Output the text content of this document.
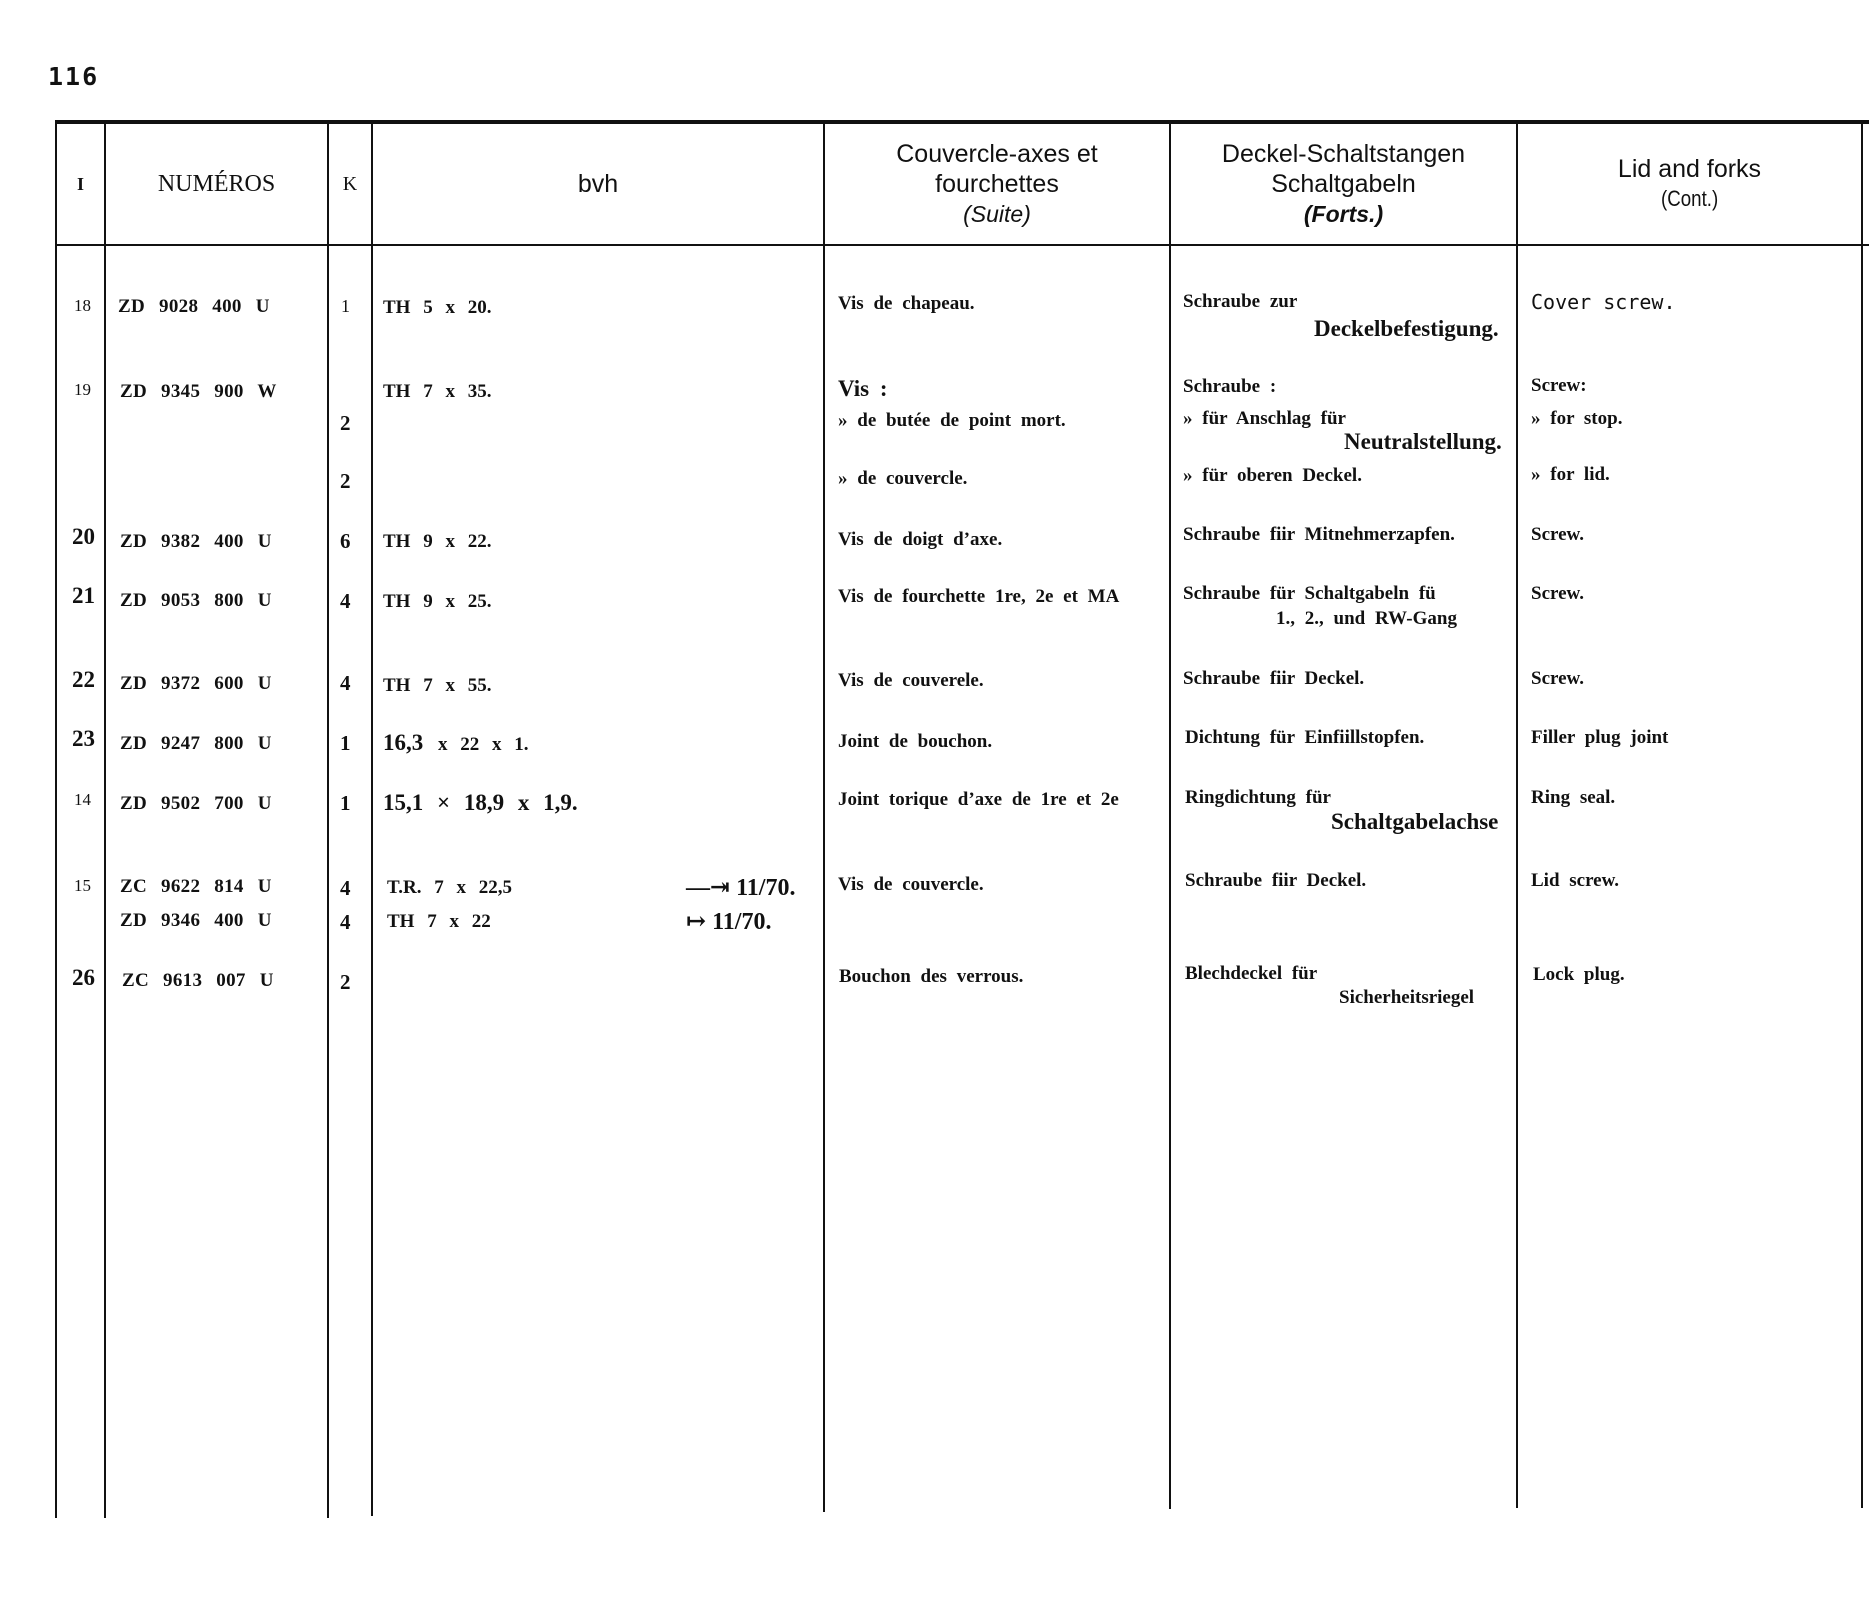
116
I	NUMÉROS	K	bvh
Couvercle-axes et
fourchettes
(Suite)
Deckel-Schaltstangen
Schaltgabeln
(Forts.)
Lid and forks
(Cont.)
18 ZD 9028 400 U	1 TH 5 x 20.	Vis de chapeau.	Schraube zur
Deckelbefestigung.
Cover screw.
19 ZD 9345 900 W	TH 7 x 35.	Vis :	Schraube :	Screw:
2	» de butée de point mort.	» für Anschlag für
Neutralstellung.
» for stop.
2	» de couvercle.	» für oberen Deckel.	» for lid.
20 ZD 9382 400 U	6 TH 9 x 22.	Vis de doigt d’axe.	Schraube fiir Mitnehmerzapfen.	Screw.
21 ZD 9053 800 U	4 TH 9 x 25.	Vis de fourchette 1re, 2e et MA	Schraube für Schaltgabeln fü
1., 2., und RW-Gang
Screw.
22 ZD 9372 600 U	4 TH 7 x 55.	Vis de couverele.	Schraube fiir Deckel.	Screw.
23 ZD 9247 800 U	1 16,3 x 22 x 1.	Joint de bouchon.	Dichtung für Einfiillstopfen.	Filler plug joint
14 ZD 9502 700 U	1 15,1 × 18,9 x 1,9.	Joint torique d’axe de 1re et 2e	Ringdichtung für
Schaltgabelachse
Ring seal.
15 ZC 9622 814 U	4 T.R. 7 x 22,5	—⇥ 11/70.
ZD 9346 400 U	4 TH 7 x 22	↦ 11/70.
Vis de couvercle.	Schraube fiir Deckel.	Lid screw.
26 ZC 9613 007 U	2	Bouchon des verrous.	Blechdeckel für
Sicherheitsriegel
Lock plug.
